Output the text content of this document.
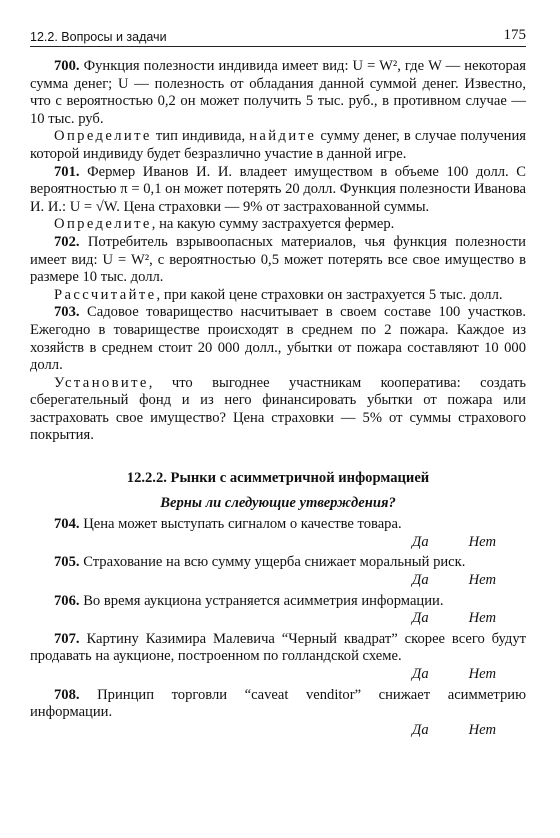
12.2. Вопросы и задачи	175

700. Функция полезности индивида имеет вид: U = W², где W — некоторая сумма денег; U — полезность от обладания данной суммой денег. Известно, что с вероятностью 0,2 он может получить 5 тыс. руб., в противном случае — 10 тыс. руб.

Определите тип индивида, найдите сумму денег, в случае получения которой индивиду будет безразлично участие в данной игре.

701. Фермер Иванов И. И. владеет имуществом в объеме 100 долл. С вероятностью π = 0,1 он может потерять 20 долл. Функция полезности Иванова И. И.: U = √W. Цена страховки — 9% от застрахованной суммы.

Определите, на какую сумму застрахуется фермер.

702. Потребитель взрывоопасных материалов, чья функция полезности имеет вид: U = W², с вероятностью 0,5 может потерять все свое имущество в размере 10 тыс. долл.

Рассчитайте, при какой цене страховки он застрахуется 5 тыс. долл.

703. Садовое товарищество насчитывает в своем составе 100 участков. Ежегодно в товариществе происходят в среднем по 2 пожара. Каждое из хозяйств в среднем стоит 20 000 долл., убытки от пожара составляют 10 000 долл.

Установите, что выгоднее участникам кооператива: создать сберегательный фонд и из него финансировать убытки от пожара или застраховать свое имущество? Цена страховки — 5% от суммы страхового покрытия.

12.2.2. Рынки с асимметричной информацией
Верны ли следующие утверждения?

704. Цена может выступать сигналом о качестве товара.

Да	Нет

705. Страхование на всю сумму ущерба снижает моральный риск.

Да	Нет

706. Во время аукциона устраняется асимметрия информации.

Да	Нет

707. Картину Казимира Малевича “Черный квадрат” скорее всего будут продавать на аукционе, построенном по голландской схеме.

Да	Нет

708. Принцип торговли “caveat venditor” снижает асимметрию информации.

Да	Нет
